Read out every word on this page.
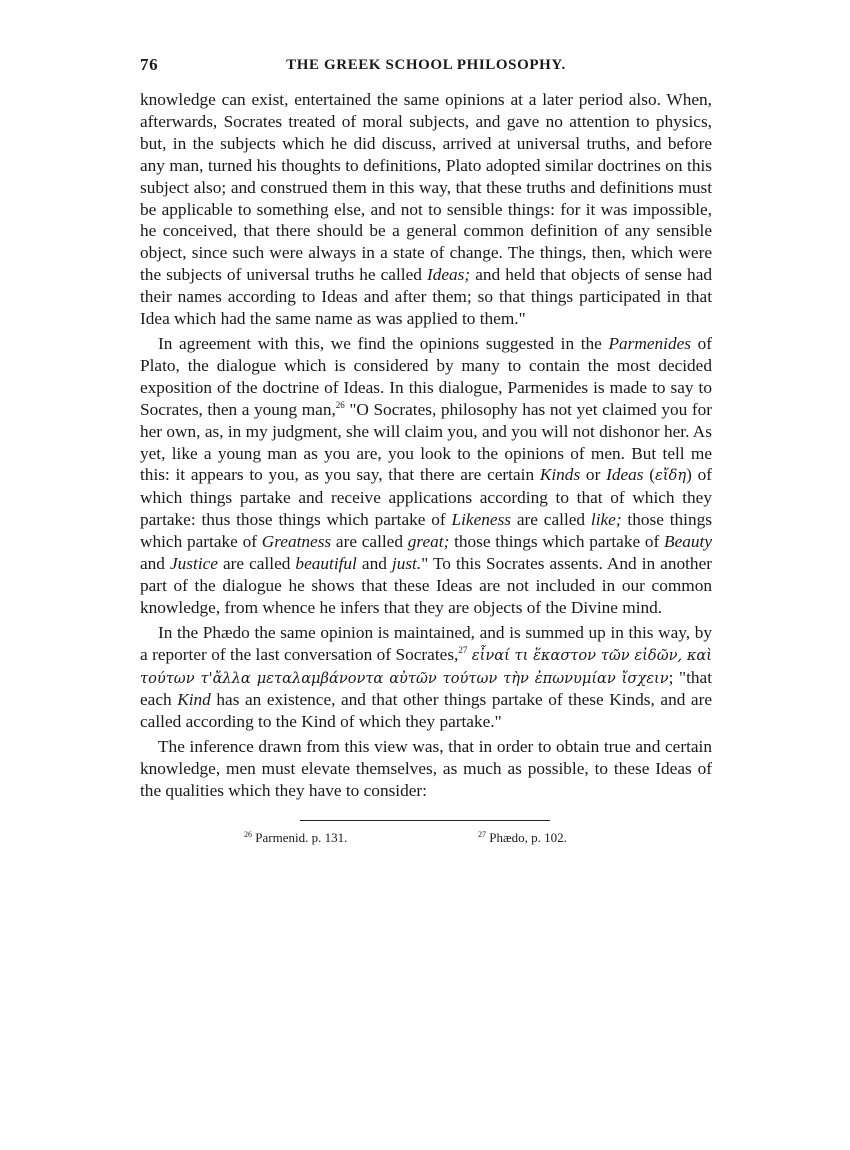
76	THE GREEK SCHOOL PHILOSOPHY.

knowledge can exist, entertained the same opinions at a later period also. When, afterwards, Socrates treated of moral subjects, and gave no attention to physics, but, in the subjects which he did discuss, arrived at universal truths, and before any man, turned his thoughts to definitions, Plato adopted similar doctrines on this subject also; and construed them in this way, that these truths and definitions must be applicable to something else, and not to sensible things: for it was impossible, he conceived, that there should be a general common definition of any sensible object, since such were always in a state of change. The things, then, which were the subjects of universal truths he called Ideas; and held that objects of sense had their names according to Ideas and after them; so that things participated in that Idea which had the same name as was applied to them."

In agreement with this, we find the opinions suggested in the Parmenides of Plato, the dialogue which is considered by many to contain the most decided exposition of the doctrine of Ideas. In this dialogue, Parmenides is made to say to Socrates, then a young man,$^{26}$ "O Socrates, philosophy has not yet claimed you for her own, as, in my judgment, she will claim you, and you will not dishonor her. As yet, like a young man as you are, you look to the opinions of men. But tell me this: it appears to you, as you say, that there are certain Kinds or Ideas (εἴδη) of which things partake and receive applications according to that of which they partake: thus those things which partake of Likeness are called like; those things which partake of Greatness are called great; those things which partake of Beauty and Justice are called beautiful and just." To this Socrates assents. And in another part of the dialogue he shows that these Ideas are not included in our common knowledge, from whence he infers that they are objects of the Divine mind.

In the Phædo the same opinion is maintained, and is summed up in this way, by a reporter of the last conversation of Socrates,$^{27}$ εἶναί τι ἕκαστον τῶν εἰδῶν, καὶ τούτων τ'ἄλλα μεταλαμβάνοντα αὐτῶν τούτων τὴν ἐπωνυμίαν ἴσχειν; "that each Kind has an existence, and that other things partake of these Kinds, and are called according to the Kind of which they partake."

The inference drawn from this view was, that in order to obtain true and certain knowledge, men must elevate themselves, as much as possible, to these Ideas of the qualities which they have to consider:

$^{26}$ Parmenid. p. 131.	$^{27}$ Phædo, p. 102.
